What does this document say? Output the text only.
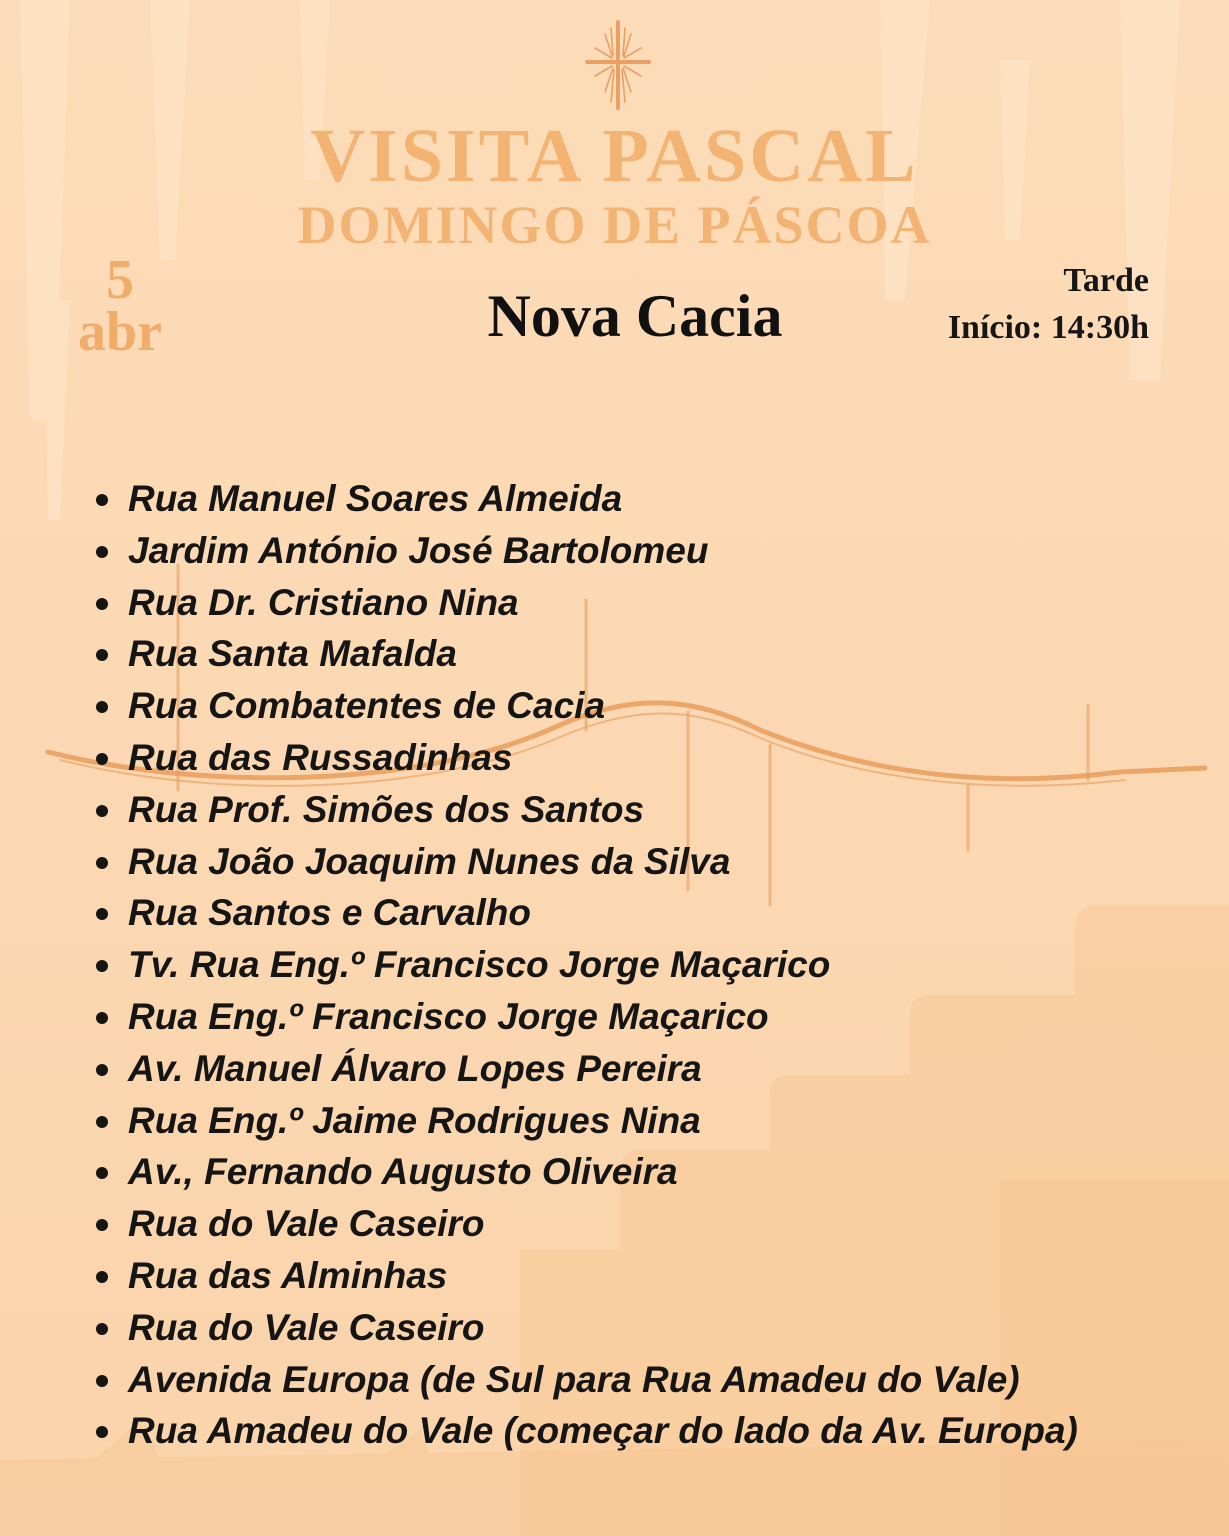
VISITA PASCAL
DOMINGO DE PÁSCOA
5
abr	Nova Cacia
Tarde
Início: 14:30h
Rua Manuel Soares Almeida
Jardim António José Bartolomeu
Rua Dr. Cristiano Nina
Rua Santa Mafalda
Rua Combatentes de Cacia
Rua das Russadinhas
Rua Prof. Simões dos Santos
Rua João Joaquim Nunes da Silva
Rua Santos e Carvalho
Tv. Rua Eng.º Francisco Jorge Maçarico
Rua Eng.º Francisco Jorge Maçarico
Av. Manuel Álvaro Lopes Pereira
Rua Eng.º Jaime Rodrigues Nina
Av., Fernando Augusto Oliveira
Rua do Vale Caseiro
Rua das Alminhas
Rua do Vale Caseiro
Avenida Europa (de Sul para Rua Amadeu do Vale)
Rua Amadeu do Vale (começar do lado da Av. Europa)
